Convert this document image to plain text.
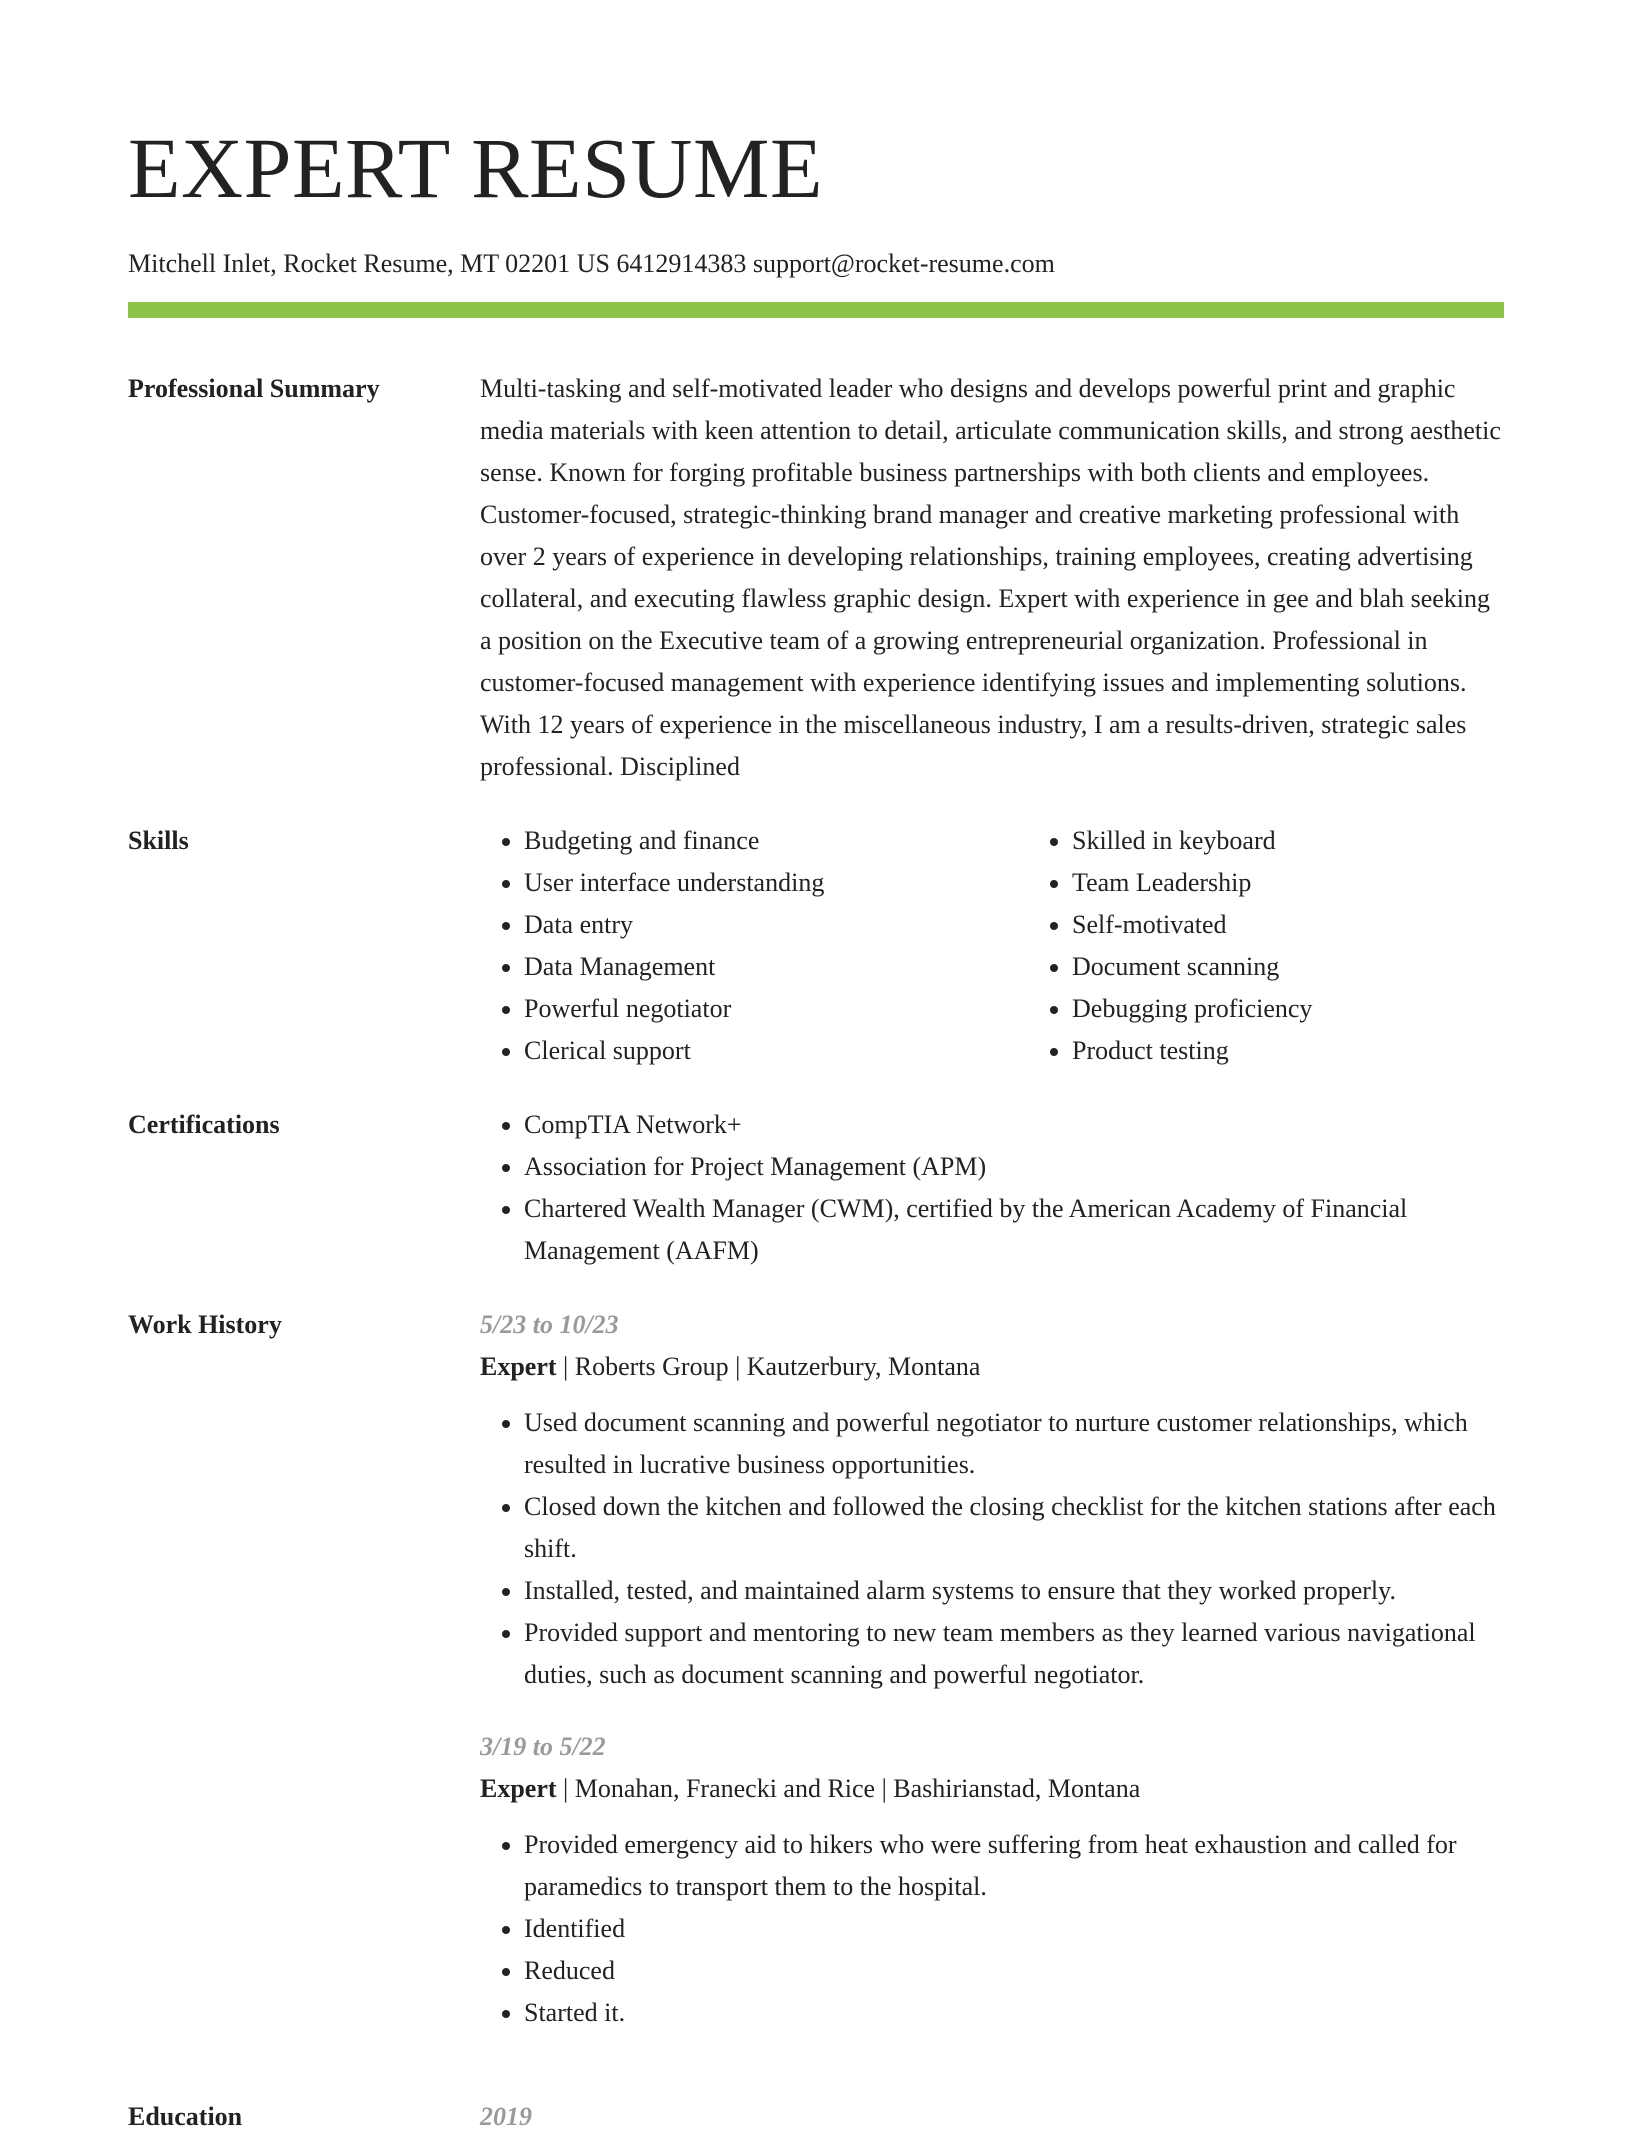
EXPERT RESUME
Mitchell Inlet, Rocket Resume, MT 02201 US 6412914383 support@rocket-resume.com
Professional Summary	Multi-tasking and self-motivated leader who designs and develops powerful print and graphic media materials with keen attention to detail, articulate communication skills, and strong aesthetic sense. Known for forging profitable business partnerships with both clients and employees. Customer-focused, strategic-thinking brand manager and creative marketing professional with over 2 years of experience in developing relationships, training employees, creating advertising collateral, and executing flawless graphic design. Expert with experience in gee and blah seeking a position on the Executive team of a growing entrepreneurial organization. Professional in customer-focused management with experience identifying issues and implementing solutions. With 12 years of experience in the miscellaneous industry, I am a results-driven, strategic sales professional. Disciplined
Skills	• Budgeting and finance
• User interface understanding
• Data entry
• Data Management
• Powerful negotiator
• Clerical support
• Skilled in keyboard
• Team Leadership
• Self-motivated
• Document scanning
• Debugging proficiency
• Product testing
Certifications	• CompTIA Network+
• Association for Project Management (APM)
• Chartered Wealth Manager (CWM), certified by the American Academy of Financial Management (AAFM)
Work History	5/23 to 10/23
Expert | Roberts Group | Kautzerbury, Montana
• Used document scanning and powerful negotiator to nurture customer relationships, which resulted in lucrative business opportunities.
• Closed down the kitchen and followed the closing checklist for the kitchen stations after each shift.
• Installed, tested, and maintained alarm systems to ensure that they worked properly.
• Provided support and mentoring to new team members as they learned various navigational duties, such as document scanning and powerful negotiator.
3/19 to 5/22
Expert | Monahan, Franecki and Rice | Bashirianstad, Montana
• Provided emergency aid to hikers who were suffering from heat exhaustion and called for paramedics to transport them to the hospital.
• Identified
• Reduced
• Started it.
Education	2019
